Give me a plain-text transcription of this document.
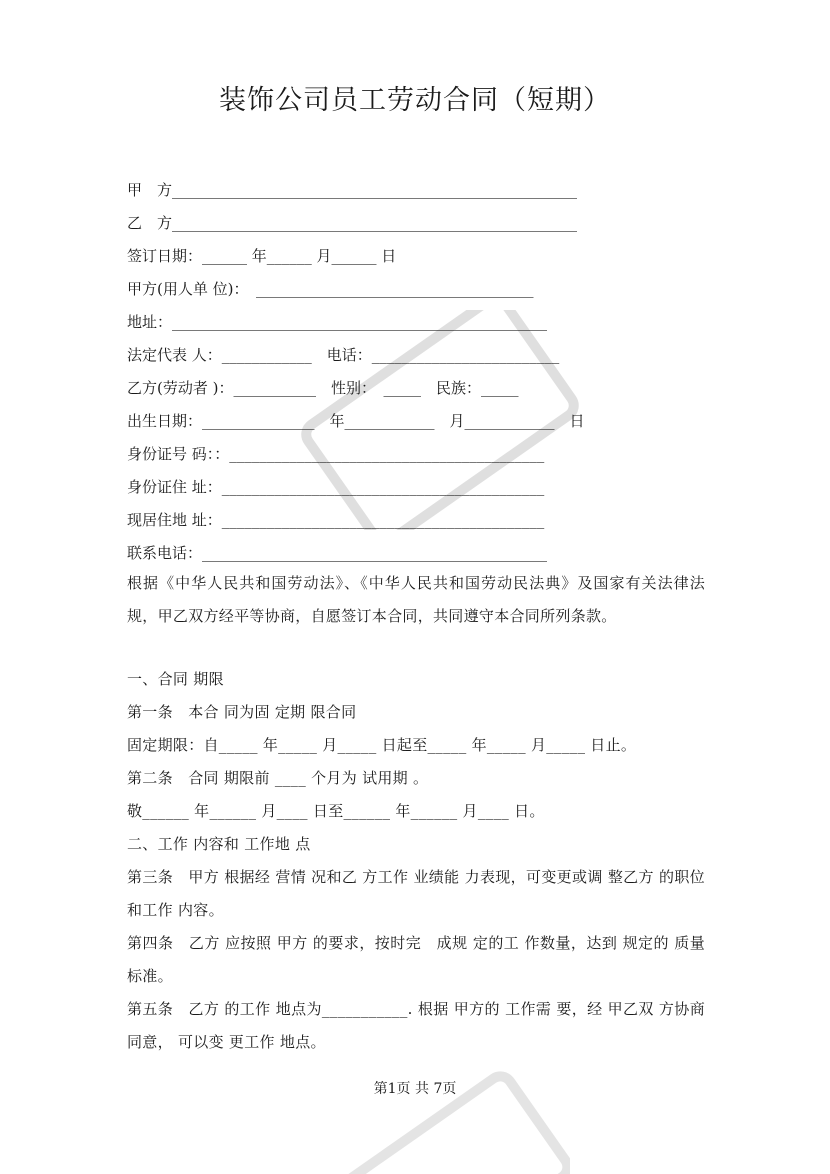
装饰公司员工劳动合同（短期）
甲　方______________________________________________________
乙　方______________________________________________________
签订日期：______ 年______ 月______ 日
甲方(用人单 位)：　_____________________________________
地址：__________________________________________________
法定代表 人：____________　电话：_________________________
乙方(劳动者 )：___________　性别：　_____　民族：_____
出生日期：_______________　年____________　月____________　日
身份证号 码：：__________________________________________
身份证住 址：___________________________________________
现居住地 址：___________________________________________
联系电话：______________________________________________
根据《中华人民共和国劳动法》、《中华人民共和国劳动民法典》及国家有关法律法规，甲乙双方经平等协商，自愿签订本合同，共同遵守本合同所列条款。
一、合同 期限
第一条　本合 同为固 定期 限合同
固定期限：自_____ 年_____ 月_____ 日起至_____ 年_____ 月_____ 日止。
第二条　合同 期限前 ____ 个月为 试用期 。
敬______ 年______ 月____ 日至______ 年______ 月____ 日。
二、工作 内容和 工作地 点
第三条　甲方 根据经 营情 况和乙 方工作 业绩能 力表现，可变更或调 整乙方 的职位和工作 内容。
第四条　乙方 应按照 甲方 的要求，按时完　成规 定的工 作数量，达到 规定的 质量标准。
第五条　乙方 的工作 地点为___________. 根据 甲方的 工作需 要，经 甲乙双 方协商同意， 可以变 更工作 地点。
第1页 共 7页
